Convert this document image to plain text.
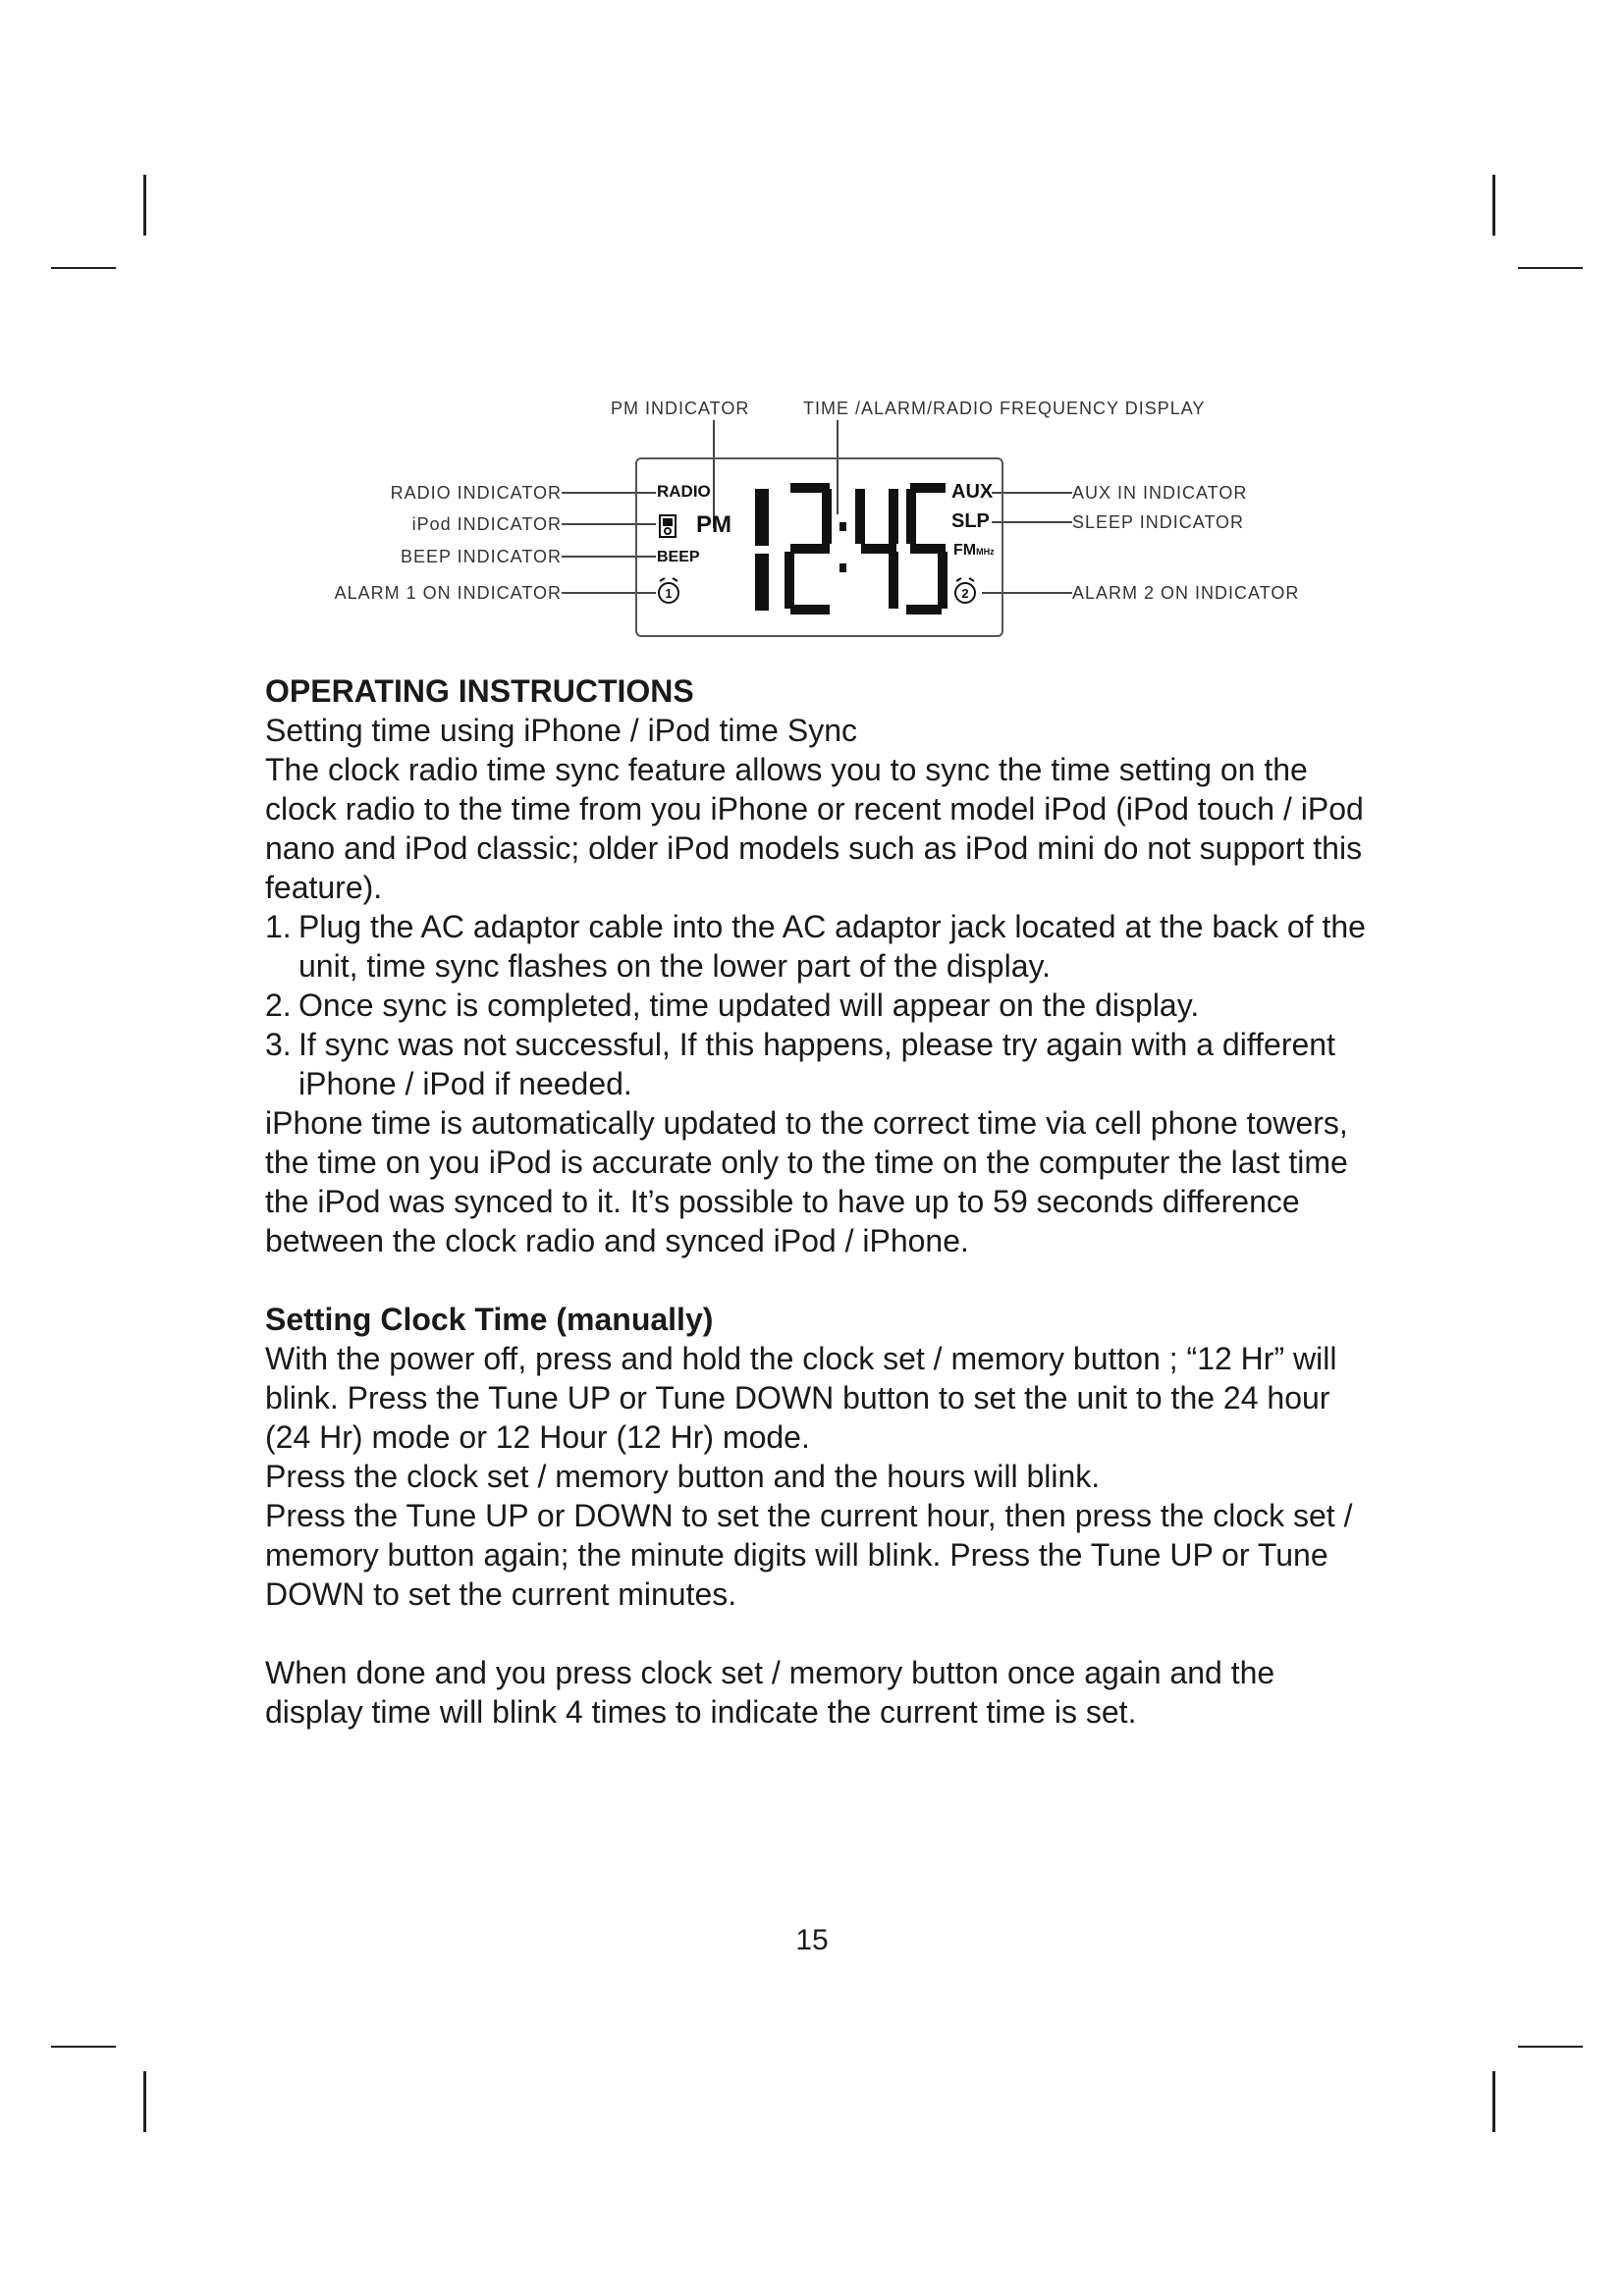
PM INDICATOR	TIME /ALARM/RADIO FREQUENCY DISPLAY
RADIO INDICATOR
iPod INDICATOR
BEEP INDICATOR
ALARM 1 ON INDICATOR
AUX IN INDICATOR
SLEEP INDICATOR
ALARM 2 ON INDICATOR
RADIO
BEEP
1
PM
AUX
SLP
FMMHz
2

OPERATING INSTRUCTIONS

Setting time using iPhone / iPod time Sync

The clock radio time sync feature allows you to sync the time setting on the clock radio to the time from you iPhone or recent model iPod (iPod touch / iPod nano and iPod classic; older iPod models such as iPod mini do not support this feature).

1. Plug the AC adaptor cable into the AC adaptor jack located at the back of the unit, time sync flashes on the lower part of the display.
2. Once sync is completed, time updated will appear on the display.
3. If sync was not successful, If this happens, please try again with a different iPhone / iPod if needed.

iPhone time is automatically updated to the correct time via cell phone towers, the time on you iPod is accurate only to the time on the computer the last time the iPod was synced to it. It’s possible to have up to 59 seconds difference between the clock radio and synced iPod / iPhone.

Setting Clock Time (manually)

With the power off, press and hold the clock set / memory button ; “12 Hr” will blink. Press the Tune UP or Tune DOWN button to set the unit to the 24 hour (24 Hr) mode or 12 Hour (12 Hr) mode.

Press the clock set / memory button and the hours will blink.

Press the Tune UP or DOWN to set the current hour, then press the clock set / memory button again; the minute digits will blink. Press the Tune UP or Tune DOWN to set the current minutes.

When done and you press clock set / memory button once again and the display time will blink 4 times to indicate the current time is set.

15
